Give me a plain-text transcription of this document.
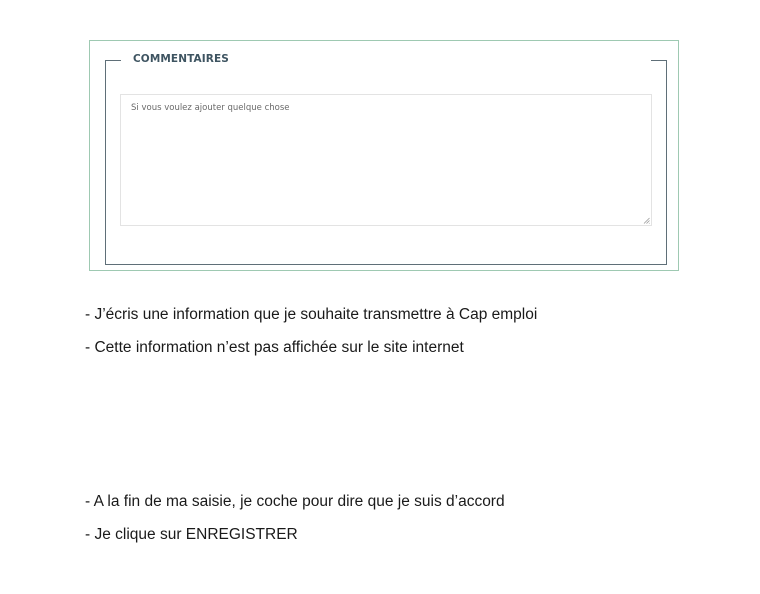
COMMENTAIRES
Si vous voulez ajouter quelque chose
- J’écris une information que je souhaite transmettre à Cap emploi
- Cette information n’est pas affichée sur le site internet
- A la fin de ma saisie, je coche pour dire que je suis d’accord
- Je clique sur ENREGISTRER
